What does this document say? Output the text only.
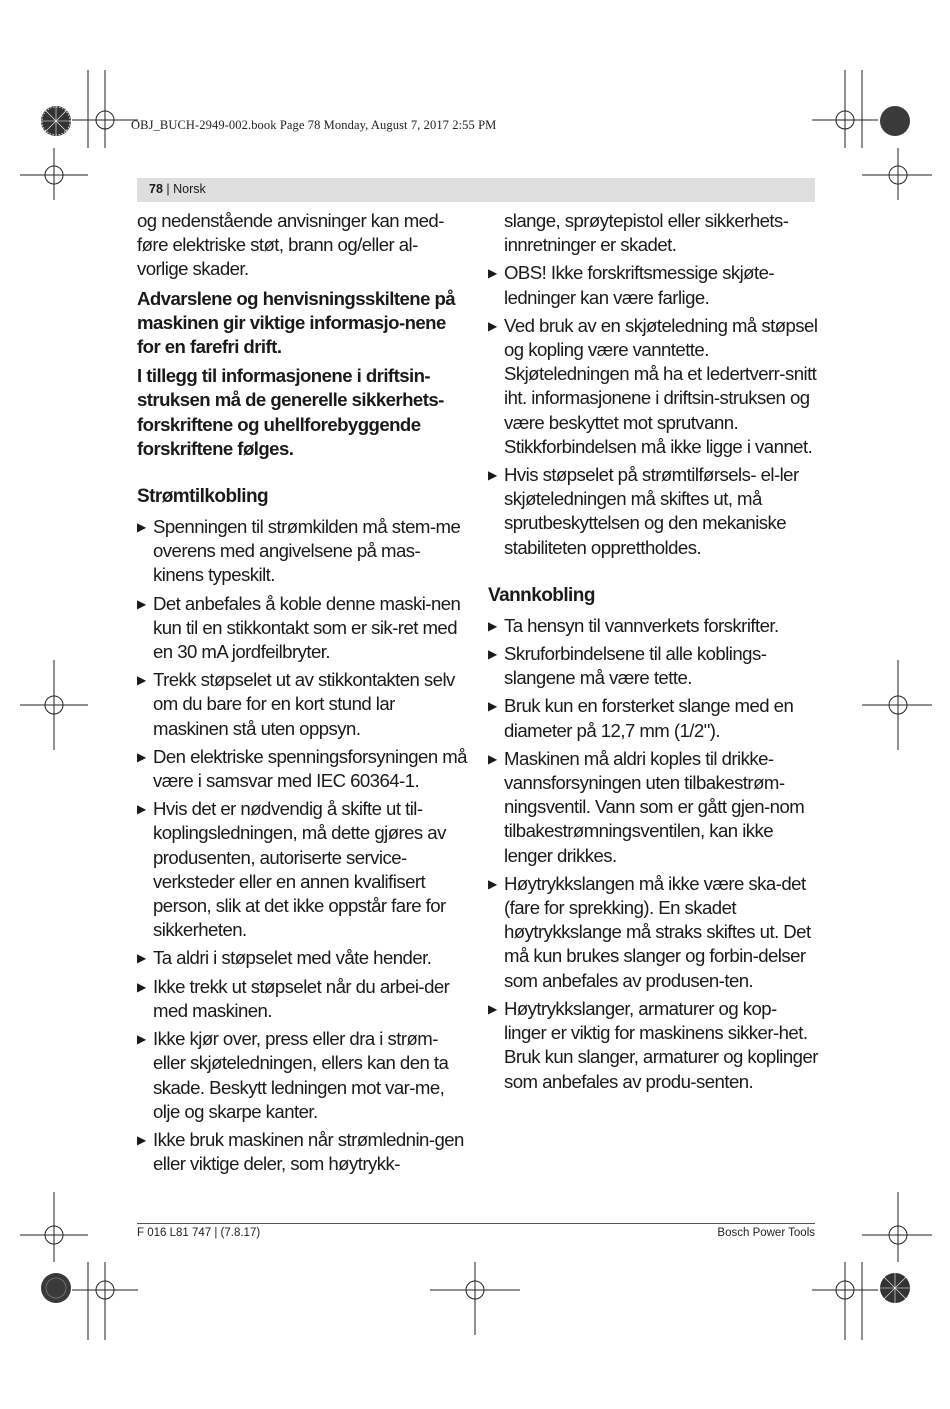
OBJ_BUCH-2949-002.book Page 78 Monday, August 7, 2017 2:55 PM
78 | Norsk

og nedenstående anvisninger kan med-føre elektriske støt, brann og/eller al-vorlige skader.

Advarslene og henvisningsskiltene på maskinen gir viktige informasjo-nene for en farefri drift.

I tillegg til informasjonene i driftsin-struksen må de generelle sikkerhets-forskriftene og uhellforebyggende forskriftene følges.

Strømtilkobling
▶ Spenningen til strømkilden må stem-me overens med angivelsene på mas-kinens typeskilt.
▶ Det anbefales å koble denne maski-nen kun til en stikkontakt som er sik-ret med en 30 mA jordfeilbryter.
▶ Trekk støpselet ut av stikkontakten selv om du bare for en kort stund lar maskinen stå uten oppsyn.
▶ Den elektriske spenningsforsyningen må være i samsvar med IEC 60364-1.
▶ Hvis det er nødvendig å skifte ut til-koplingsledningen, må dette gjøres av produsenten, autoriserte service-verksteder eller en annen kvalifisert person, slik at det ikke oppstår fare for sikkerheten.
▶ Ta aldri i støpselet med våte hender.
▶ Ikke trekk ut støpselet når du arbei-der med maskinen.
▶ Ikke kjør over, press eller dra i strøm-eller skjøteledningen, ellers kan den ta skade. Beskytt ledningen mot var-me, olje og skarpe kanter.
▶ Ikke bruk maskinen når strømlednin-gen eller viktige deler, som høytrykk-
slange, sprøytepistol eller sikkerhets-innretninger er skadet.
▶ OBS! Ikke forskriftsmessige skjøte-ledninger kan være farlige.
▶ Ved bruk av en skjøteledning må støpsel og kopling være vanntette. Skjøteledningen må ha et ledertverr-snitt iht. informasjonene i driftsin-struksen og være beskyttet mot sprutvann. Stikkforbindelsen må ikke ligge i vannet.
▶ Hvis støpselet på strømtilførsels- el-ler skjøteledningen må skiftes ut, må sprutbeskyttelsen og den mekaniske stabiliteten opprettholdes.
Vannkobling
▶ Ta hensyn til vannverkets forskrifter.
▶ Skruforbindelsene til alle koblings-slangene må være tette.
▶ Bruk kun en forsterket slange med en diameter på 12,7 mm (1/2").
▶ Maskinen må aldri koples til drikke-vannsforsyningen uten tilbakestrøm-ningsventil. Vann som er gått gjen-nom tilbakestrømningsventilen, kan ikke lenger drikkes.
▶ Høytrykkslangen må ikke være ska-det (fare for sprekking). En skadet høytrykkslange må straks skiftes ut. Det må kun brukes slanger og forbin-delser som anbefales av produsen-ten.
▶ Høytrykkslanger, armaturer og kop-linger er viktig for maskinens sikker-het. Bruk kun slanger, armaturer og koplinger som anbefales av produ-senten.
F 016 L81 747 | (7.8.17)	Bosch Power Tools
